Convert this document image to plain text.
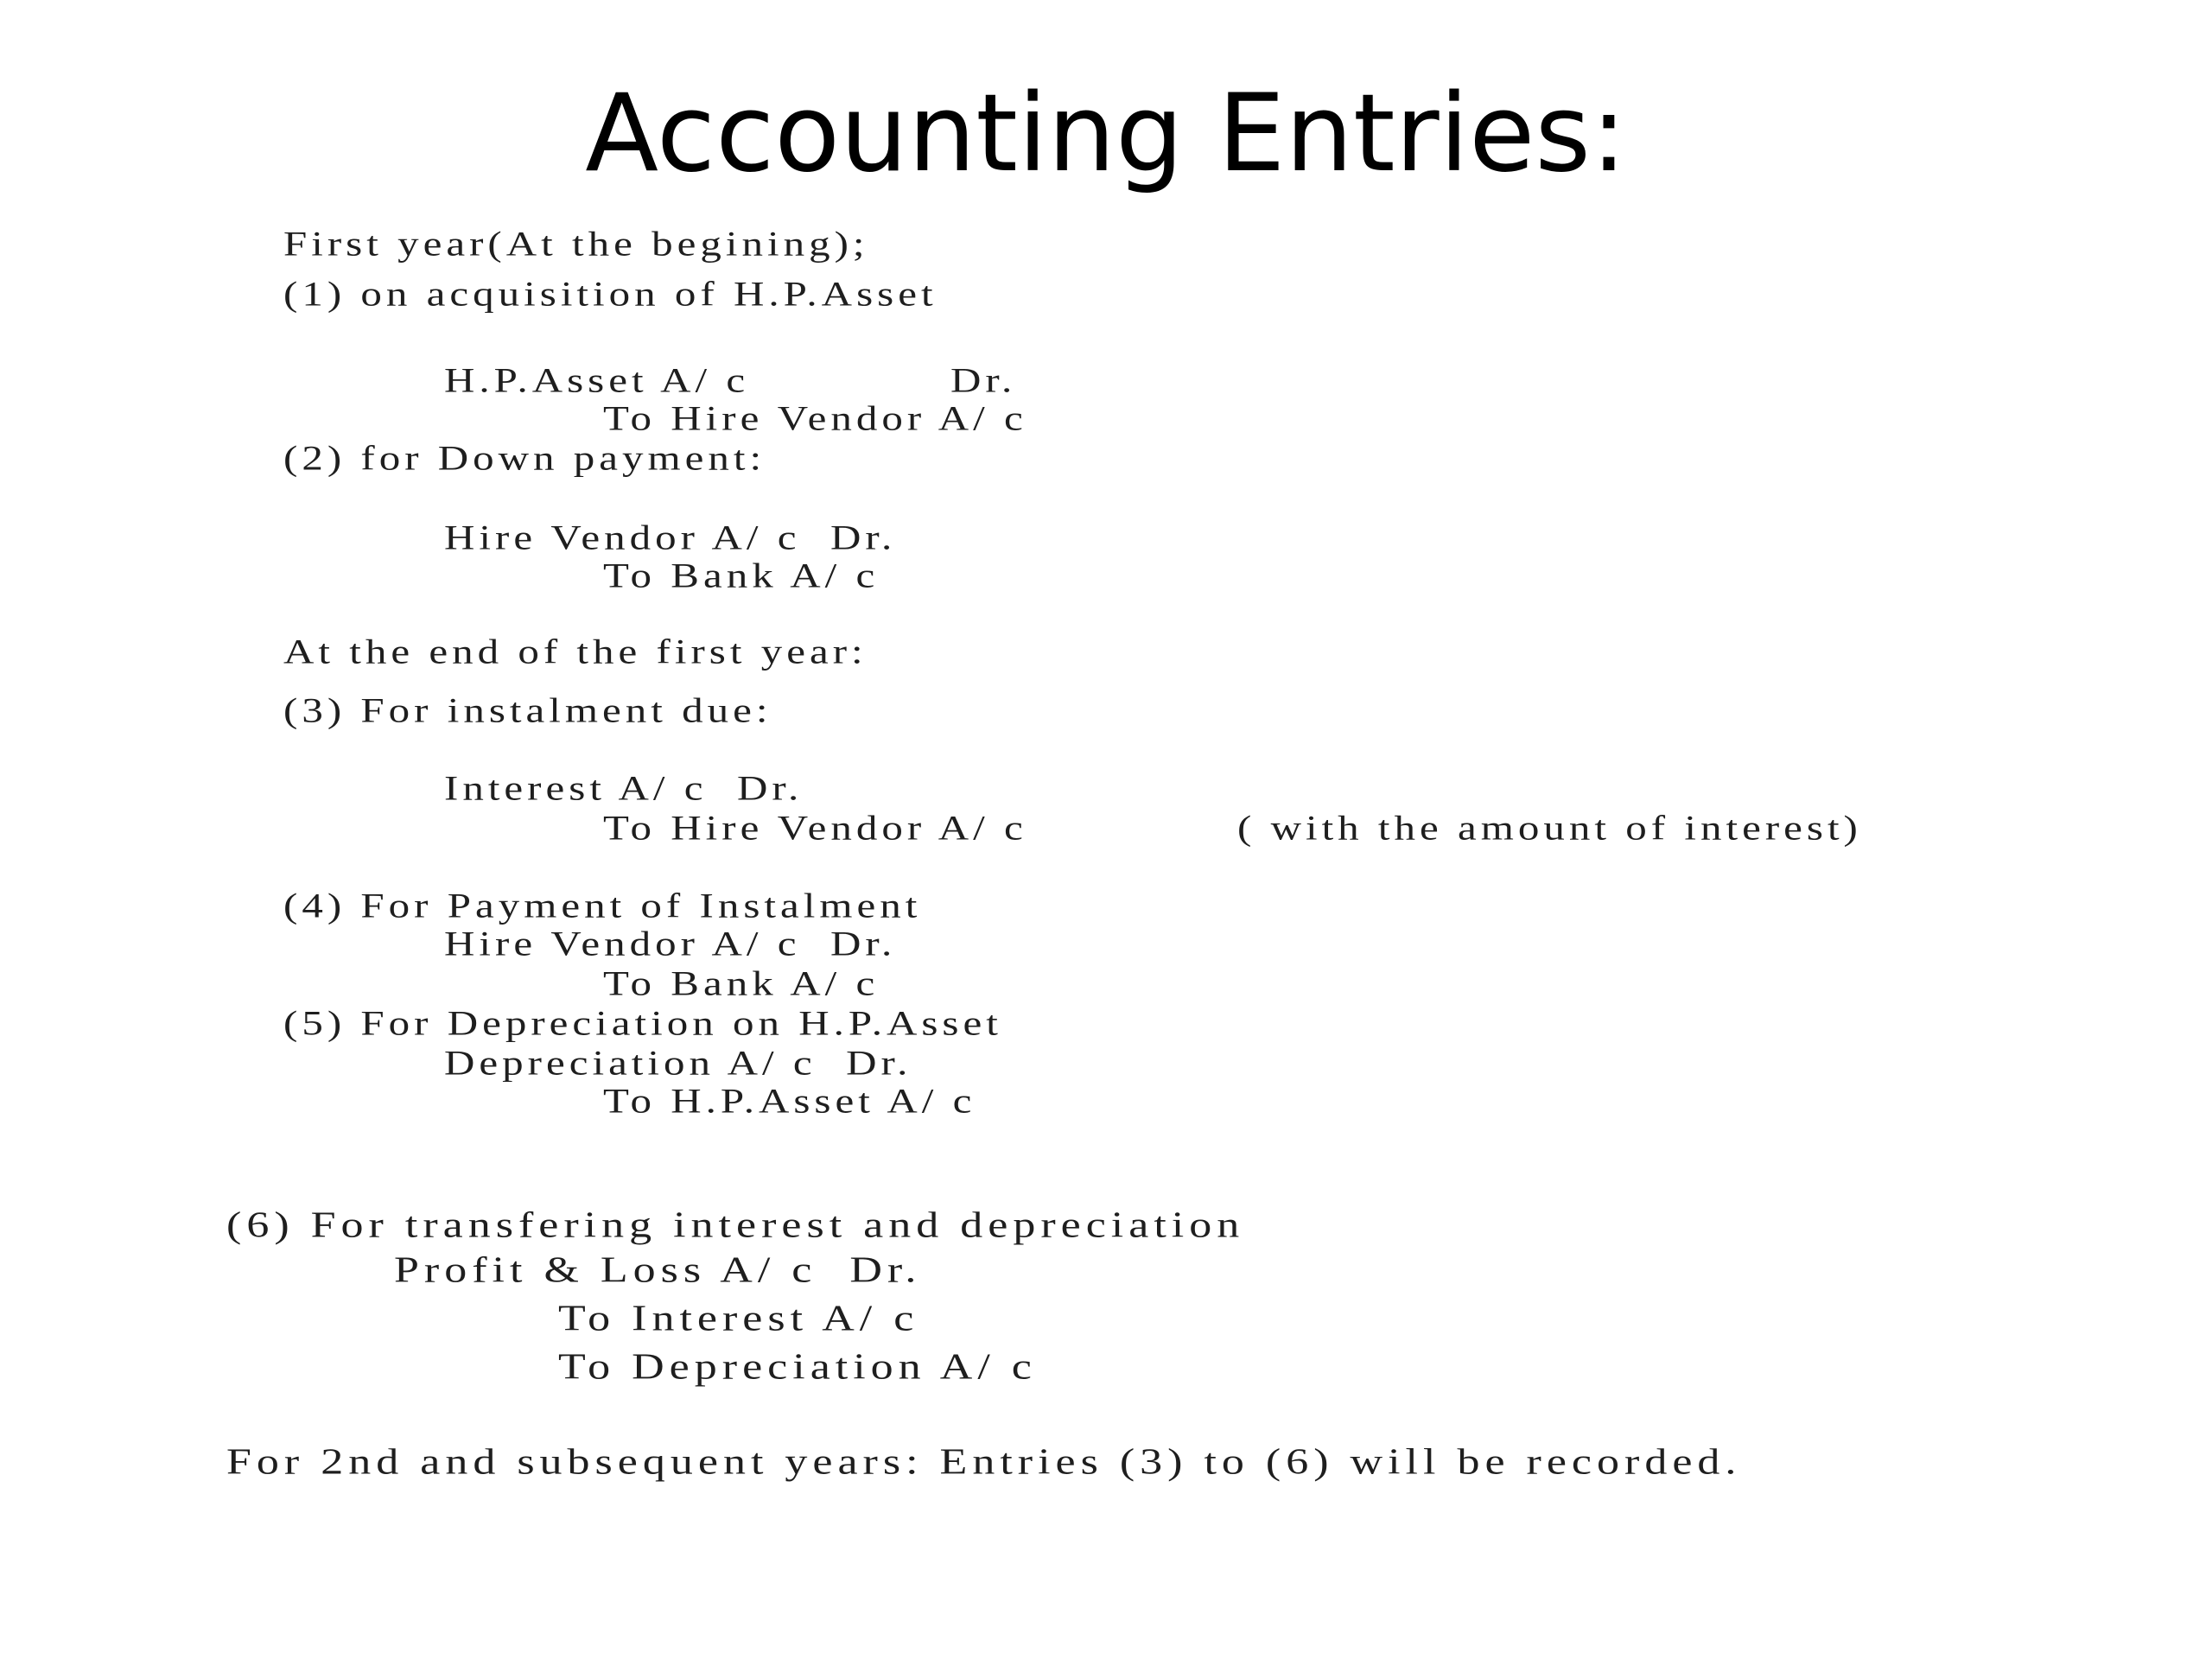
Accounting Entries:
First year(At the begining);
(1) on acquisition of H.P.Asset
H.P.Asset A/ c	Dr.
To Hire Vendor A/ c
(2) for Down payment:
Hire Vendor A/ c  Dr.
To Bank A/ c
At the end of the first year:
(3) For instalment due:
Interest A/ c  Dr.
To Hire Vendor A/ c	( with the amount of interest)
(4) For Payment of Instalment
Hire Vendor A/ c  Dr.
To Bank A/ c
(5) For Depreciation on H.P.Asset
Depreciation A/ c  Dr.
To H.P.Asset A/ c
(6) For transfering interest and depreciation
Profit & Loss A/ c  Dr.
To Interest A/ c
To Depreciation A/ c
For 2nd and subsequent years: Entries (3) to (6) will be recorded.
